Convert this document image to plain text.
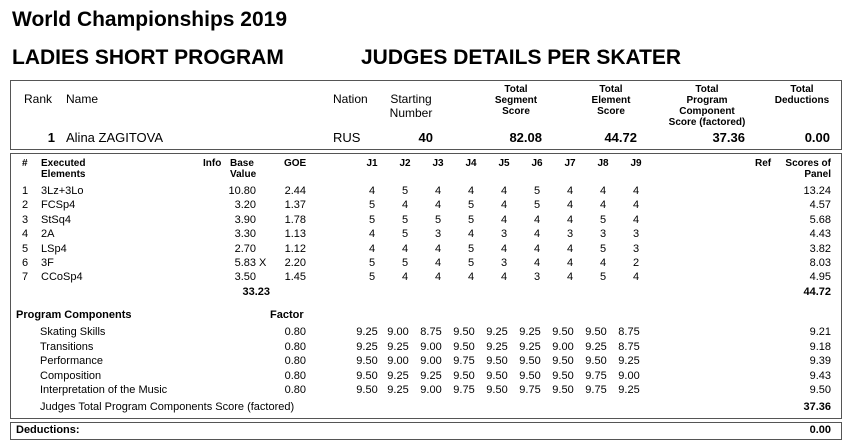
World Championships 2019
LADIES SHORT PROGRAM	JUDGES DETAILS PER SKATER
Rank Name	Nation	Starting
Number
Total
Segment
Score
Total
Element
Score
Total
Program
Component
Score (factored)
Total
Deductions
1 Alina ZAGITOVA	RUS	40	82.08	44.72	37.36	0.00
# Executed
Elements
Info Base
Value
GOE	J1	J2	J3	J4	J5	J6	J7	J8	J9	Ref	Scores of
Panel
1 3Lz+3Lo	10.80	2.44	4	5	4	4	4	5	4	4	4	13.24
2 FCSp4	3.20	1.37	5	4	4	5	4	5	4	4	4	4.57
3 StSq4	3.90	1.78	5	5	5	5	4	4	4	5	4	5.68
4 2A	3.30	1.13	4	5	3	4	3	4	3	3	3	4.43
5 LSp4	2.70	1.12	4	4	4	5	4	4	4	5	3	3.82
6 3F	5.83 X	2.20	5	5	4	5	3	4	4	4	2	8.03
7 CCoSp4	3.50	1.45	5	4	4	4	4	3	4	5	4	4.95
33.23	44.72
Program Components	Factor
Skating Skills	0.80	9.25 9.00	8.75	9.50	9.25	9.25	9.50	9.50	8.75	9.21
Transitions	0.80	9.25 9.25	9.00	9.50	9.25	9.25	9.00	9.25	8.75	9.18
Performance	0.80	9.50 9.00	9.00	9.75	9.50	9.50	9.50	9.50	9.25	9.39
Composition	0.80	9.50 9.25	9.25	9.50	9.50	9.50	9.50	9.75	9.00	9.43
Interpretation of the Music	0.80	9.50 9.25	9.00	9.75	9.50	9.75	9.50	9.75	9.25	9.50
Judges Total Program Components Score (factored)	37.36
Deductions:	0.00
